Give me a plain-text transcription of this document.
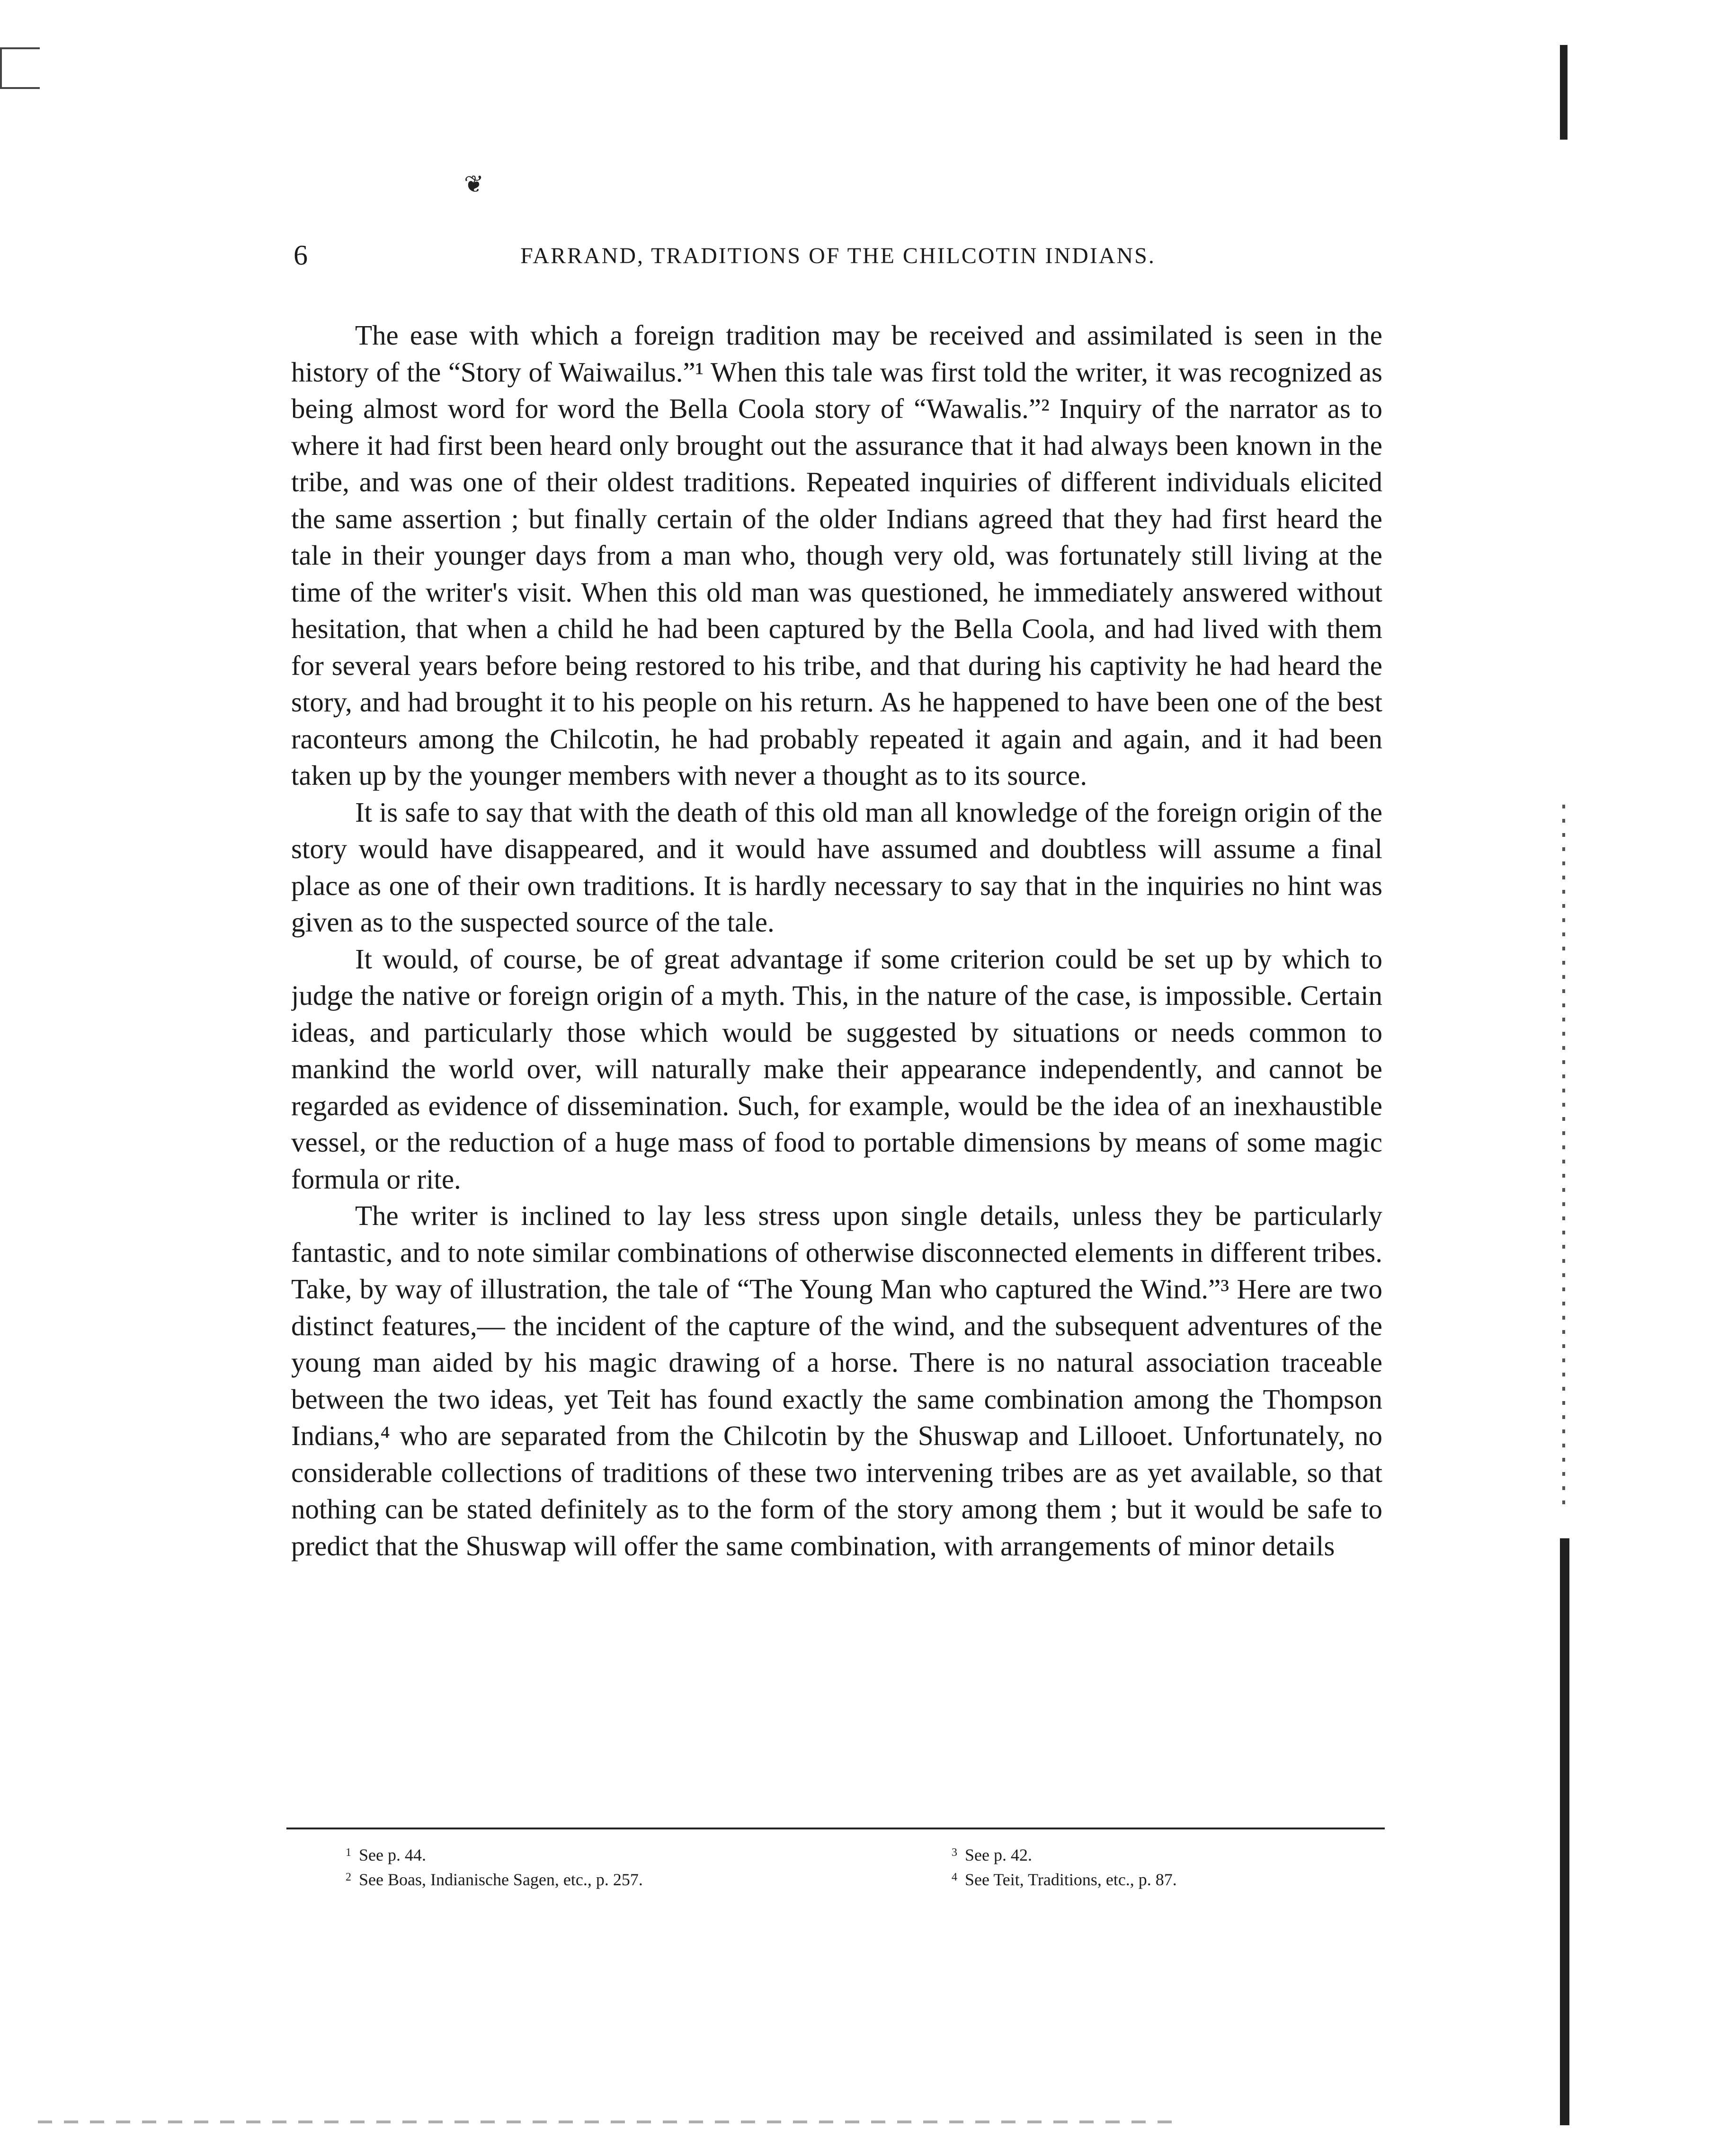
❦
6	FARRAND, TRADITIONS OF THE CHILCOTIN INDIANS.

The ease with which a foreign tradition may be received and assimilated is seen in the history of the “Story of Waiwailus.”¹ When this tale was first told the writer, it was recognized as being almost word for word the Bella Coola story of “Wawalis.”² Inquiry of the narrator as to where it had first been heard only brought out the assurance that it had always been known in the tribe, and was one of their oldest traditions. Repeated inquiries of different individuals elicited the same assertion ; but finally certain of the older Indians agreed that they had first heard the tale in their younger days from a man who, though very old, was fortunately still living at the time of the writer's visit. When this old man was questioned, he immediately answered without hesitation, that when a child he had been captured by the Bella Coola, and had lived with them for several years before being restored to his tribe, and that during his captivity he had heard the story, and had brought it to his people on his return. As he happened to have been one of the best raconteurs among the Chilcotin, he had probably repeated it again and again, and it had been taken up by the younger members with never a thought as to its source.

It is safe to say that with the death of this old man all knowledge of the foreign origin of the story would have disappeared, and it would have assumed and doubtless will assume a final place as one of their own traditions. It is hardly necessary to say that in the inquiries no hint was given as to the suspected source of the tale.

It would, of course, be of great advantage if some criterion could be set up by which to judge the native or foreign origin of a myth. This, in the nature of the case, is impossible. Certain ideas, and particularly those which would be suggested by situations or needs common to mankind the world over, will naturally make their appearance independently, and cannot be regarded as evidence of dissemination. Such, for example, would be the idea of an inexhaustible vessel, or the reduction of a huge mass of food to portable dimensions by means of some magic formula or rite.

The writer is inclined to lay less stress upon single details, unless they be particularly fantastic, and to note similar combinations of otherwise disconnected elements in different tribes. Take, by way of illustration, the tale of “The Young Man who captured the Wind.”³ Here are two distinct features,— the incident of the capture of the wind, and the subsequent adventures of the young man aided by his magic drawing of a horse. There is no natural association traceable between the two ideas, yet Teit has found exactly the same combination among the Thompson Indians,⁴ who are separated from the Chilcotin by the Shuswap and Lillooet. Unfortunately, no considerable collections of traditions of these two intervening tribes are as yet available, so that nothing can be stated definitely as to the form of the story among them ; but it would be safe to predict that the Shuswap will offer the same combination, with arrangements of minor details

$^1$ See p. 44.
$^2$ See Boas, Indianische Sagen, etc., p. 257.
$^3$ See p. 42.
$^4$ See Teit, Traditions, etc., p. 87.
